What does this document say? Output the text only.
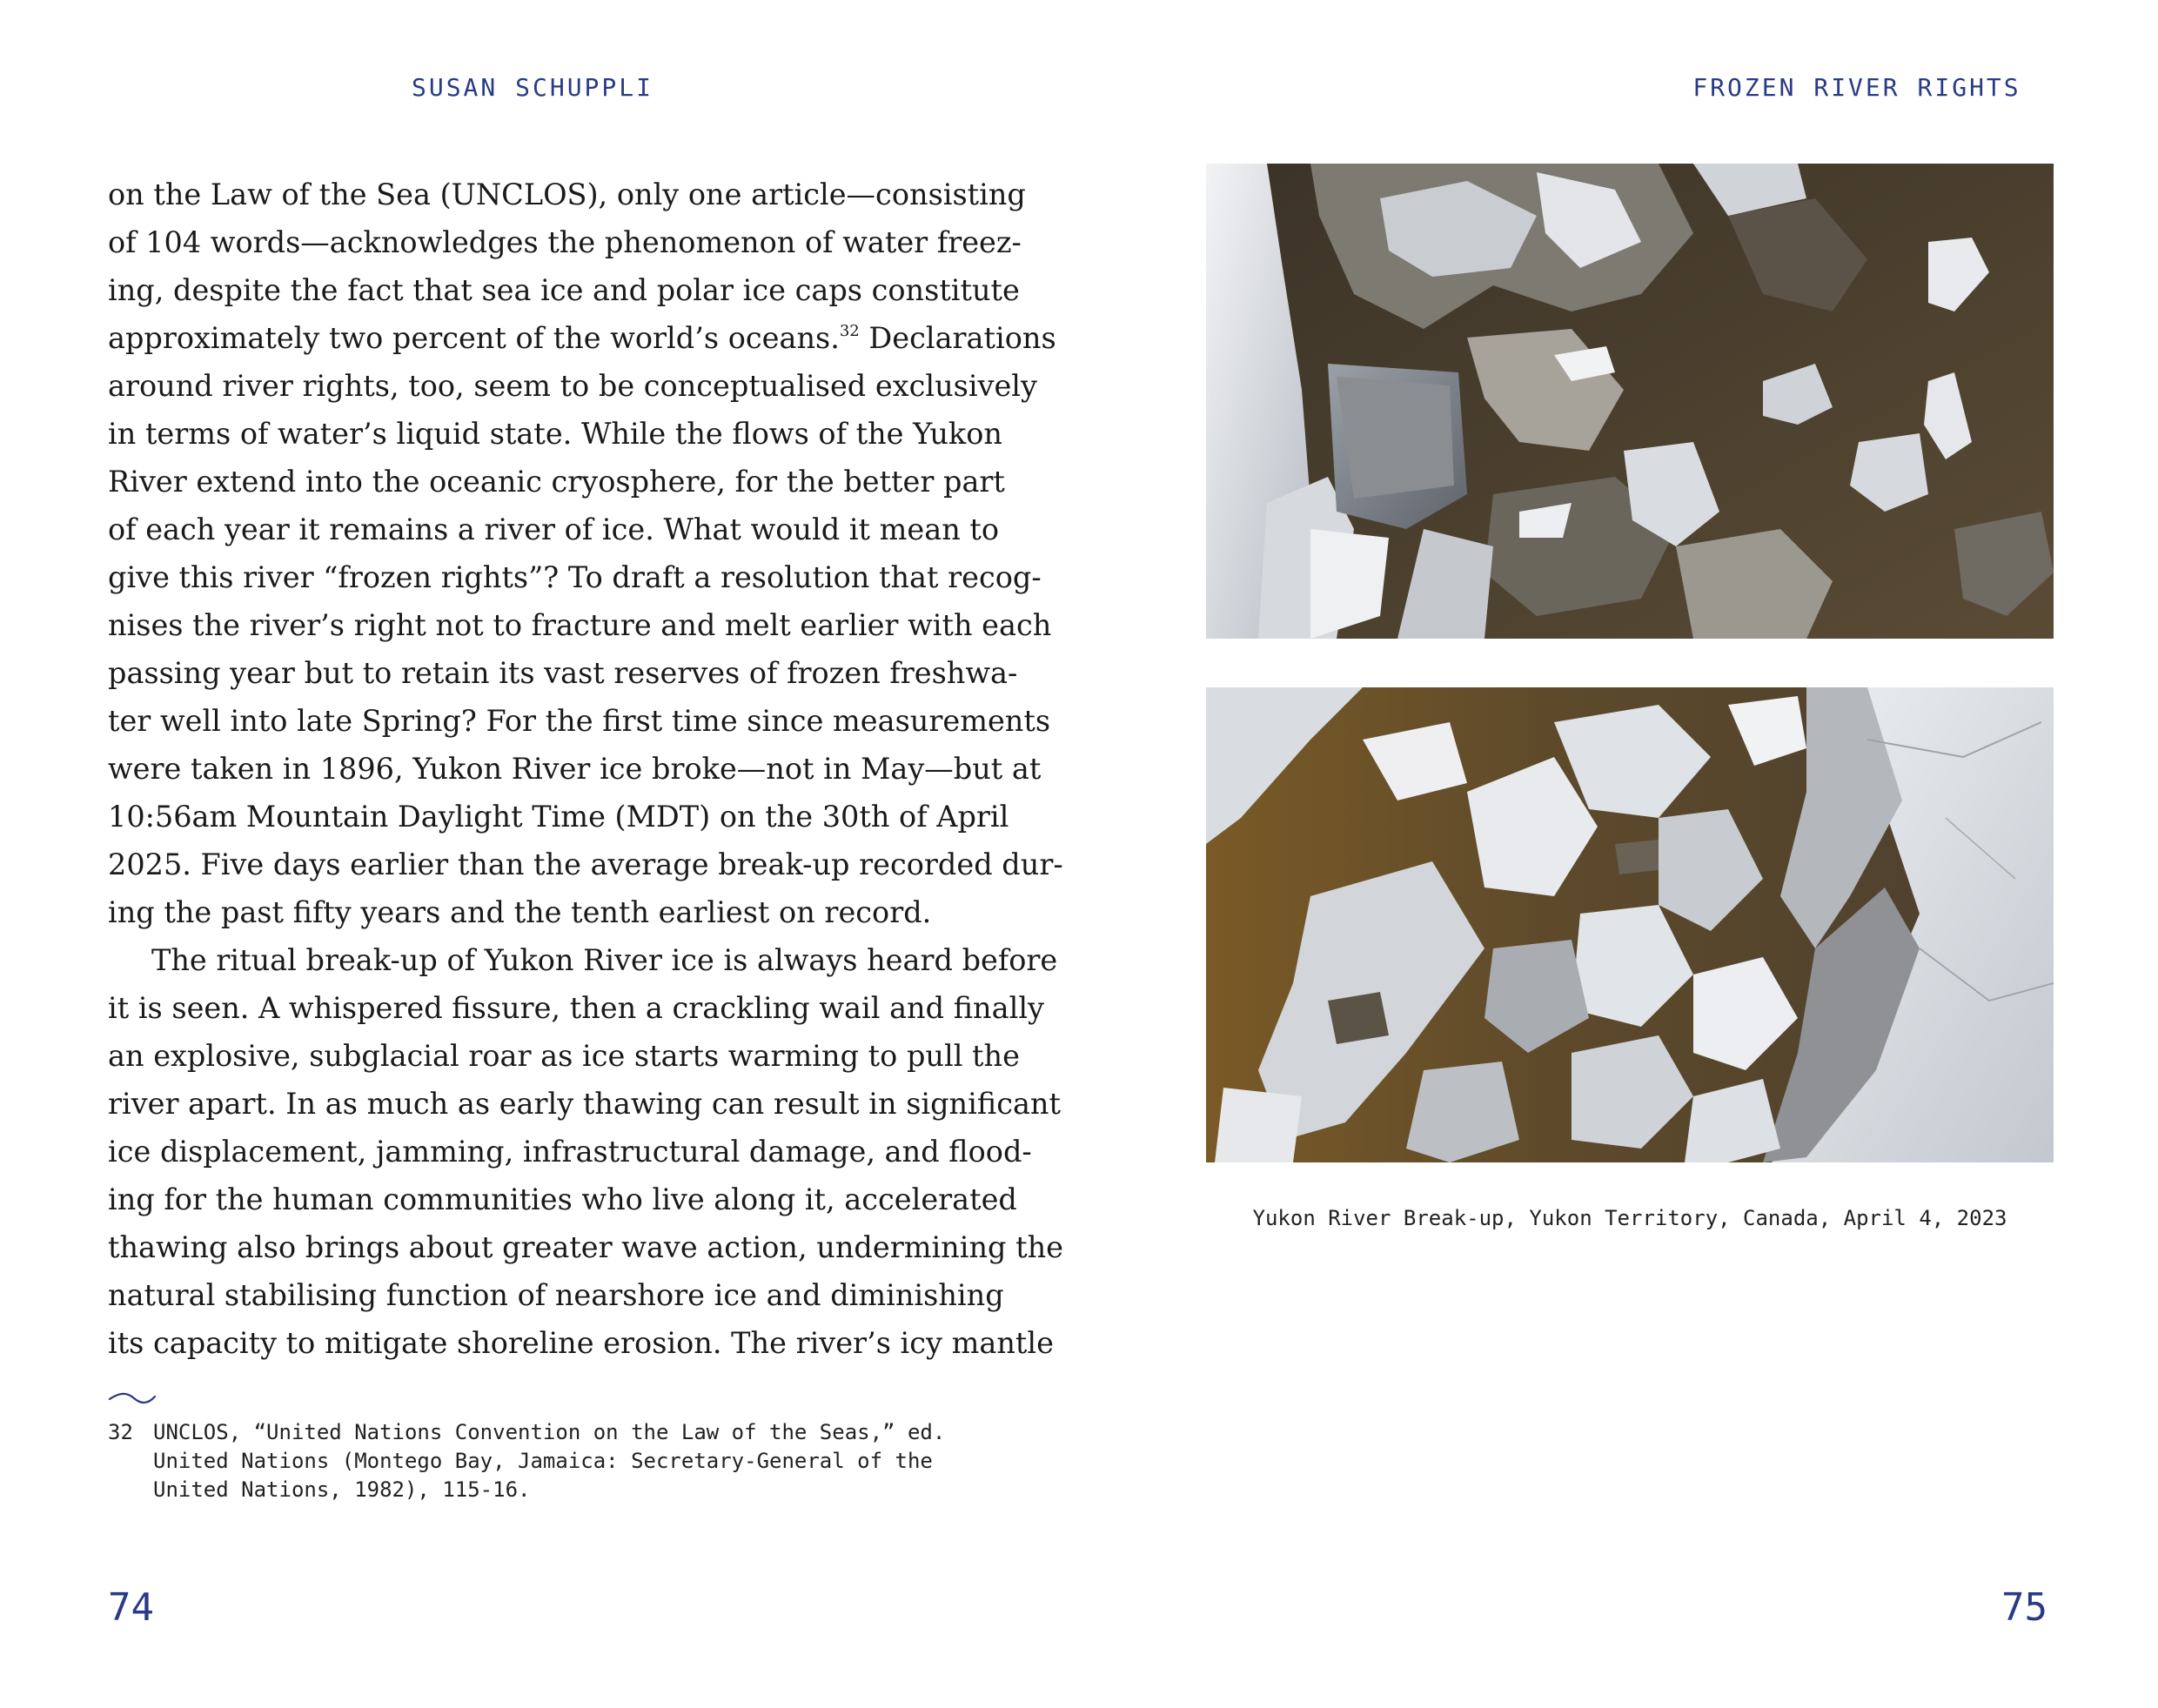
SUSAN SCHUPPLI
on the Law of the Sea (UNCLOS), only one article—consisting
of 104 words—acknowledges the phenomenon of water freez-
ing, despite the fact that sea ice and polar ice caps constitute
approximately two percent of the world’s oceans.$^{32}$ Declarations
around river rights, too, seem to be conceptualised exclusively
in terms of water’s liquid state. While the flows of the Yukon
River extend into the oceanic cryosphere, for the better part
of each year it remains a river of ice. What would it mean to
give this river “frozen rights”? To draft a resolution that recog-
nises the river’s right not to fracture and melt earlier with each
passing year but to retain its vast reserves of frozen freshwa-
ter well into late Spring? For the first time since measurements
were taken in 1896, Yukon River ice broke—not in May—but at
10:56am Mountain Daylight Time (MDT) on the 30th of April
2025. Five days earlier than the average break-up recorded dur-
ing the past fifty years and the tenth earliest on record.
The ritual break-up of Yukon River ice is always heard before
it is seen. A whispered fissure, then a crackling wail and finally
an explosive, subglacial roar as ice starts warming to pull the
river apart. In as much as early thawing can result in significant
ice displacement, jamming, infrastructural damage, and flood-
ing for the human communities who live along it, accelerated
thawing also brings about greater wave action, undermining the
natural stabilising function of nearshore ice and diminishing
its capacity to mitigate shoreline erosion. The river’s icy mantle
32 UNCLOS, “United Nations Convention on the Law of the Seas,” ed.
United Nations (Montego Bay, Jamaica: Secretary-General of the
United Nations, 1982), 115-16.
74
FROZEN RIVER RIGHTS
Yukon River Break-up, Yukon Territory, Canada, April 4, 2023
75
